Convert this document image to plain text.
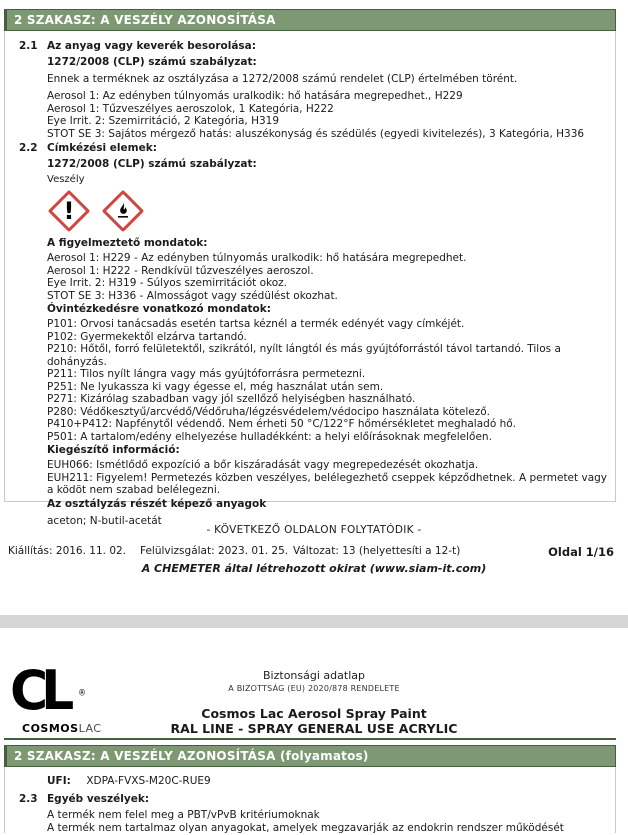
2 SZAKASZ: A VESZÉLY AZONOSÍTÁSA
2.1 Az anyag vagy keverék besorolása:
1272/2008 (CLP) számú szabályzat:
Ennek a terméknek az osztályzása a 1272/2008 számú rendelet (CLP) értelmében törént.
Aerosol 1: Az edényben túlnyomás uralkodik: hő hatására megrepedhet., H229
Aerosol 1: Tűzveszélyes aeroszolok, 1 Kategória, H222
Eye Irrit. 2: Szemirritáció, 2 Kategória, H319
STOT SE 3: Sajátos mérgező hatás: aluszékonyság és szédülés (egyedi kivitelezés), 3 Kategória, H336
2.2 Címkézési elemek:
1272/2008 (CLP) számú szabályzat:
Veszély
!
A figyelmeztető mondatok:
Aerosol 1: H229 - Az edényben túlnyomás uralkodik: hő hatására megrepedhet.
Aerosol 1: H222 - Rendkívül tűzveszélyes aeroszol.
Eye Irrit. 2: H319 - Súlyos szemirritációt okoz.
STOT SE 3: H336 - Almosságot vagy szédülést okozhat.
Óvintézkedésre vonatkozó mondatok:
P101: Orvosi tanácsadás esetén tartsa kéznél a termék edényét vagy címkéjét.
P102: Gyermekektől elzárva tartandó.
P210: Hőtől, forró felületektől, szikrától, nyílt lángtól és más gyújtóforrástól távol tartandó. Tilos a dohányzás.
P211: Tilos nyílt lángra vagy más gyújtóforrásra permetezni.
P251: Ne lyukassza ki vagy égesse el, még használat után sem.
P271: Kizárólag szabadban vagy jól szellőző helyiségben használható.
P280: Védőkesztyű/arcvédő/Védőruha/légzésvédelem/védocipo használata kötelező.
P410+P412: Napfénytől védendő. Nem érheti 50 °C/122°F hőmérsékletet meghaladó hő.
P501: A tartalom/edény elhelyezése hulladékként: a helyi előírásoknak megfelelően.
Kiegészítő információ:
EUH066: Ismétlődő expozíció a bőr kiszáradását vagy megrepedezését okozhatja.
EUH211: Figyelem! Permetezés közben veszélyes, belélegezhető cseppek képződhetnek. A permetet vagy a ködöt nem szabad belélegezni.
Az osztályzás részét képező anyagok
aceton; N-butil-acetát
- KÖVETKEZŐ OLDALON FOLYTATÓDIK -
Kiállítás: 2016. 11. 02. Felülvizsgálat: 2023. 01. 25. Változat: 13 (helyettesíti a 12-t)	Oldal 1/16
A CHEMETER által létrehozott okirat (www.siam-it.com)
CL ®
COSMOSLAC
Biztonsági adatlap
A BIZOTTSÁG (EU) 2020/878 RENDELETE
Cosmos Lac Aerosol Spray Paint
RAL LINE - SPRAY GENERAL USE ACRYLIC
2 SZAKASZ: A VESZÉLY AZONOSÍTÁSA (folyamatos)
UFI: XDPA-FVXS-M20C-RUE9
2.3 Egyéb veszélyek:
A termék nem felel meg a PBT/vPvB kritériumoknak
A termék nem tartalmaz olyan anyagokat, amelyek megzavarják az endokrin rendszer működését
